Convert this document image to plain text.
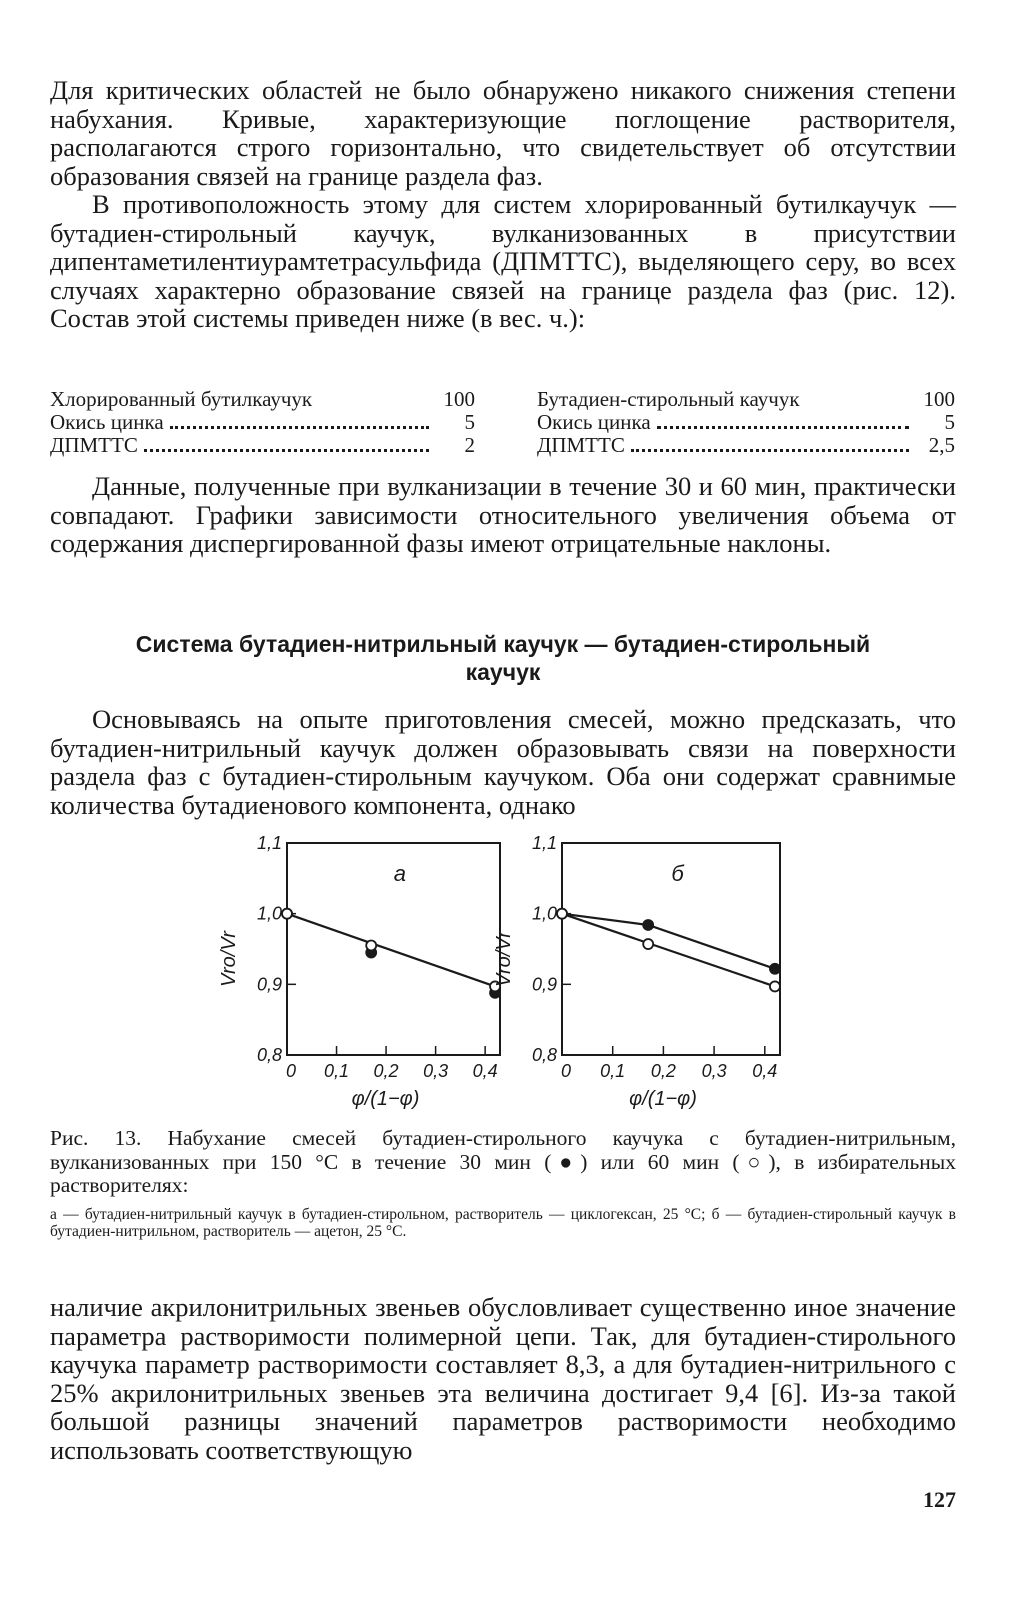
Для критических областей не было обнаружено никакого снижения степени набухания. Кривые, характеризующие поглощение растворителя, располагаются строго горизонтально, что свидетельствует об отсутствии образования связей на границе раздела фаз.

В противоположность этому для систем хлорированный бутилкаучук — бутадиен-стирольный каучук, вулканизованных в присутствии дипентаметилентиурамтетрасульфида (ДПМТТС), выделяющего серу, во всех случаях характерно образование связей на границе раздела фаз (рис. 12). Состав этой системы приведен ниже (в вес. ч.):

Хлорированный бутилкаучук	100
Окись цинка	5
ДПМТТС	2
Бутадиен-стирольный каучук	100
Окись цинка	5
ДПМТТС	2,5

Данные, полученные при вулканизации в течение 30 и 60 мин, практически совпадают. Графики зависимости относительного увеличения объема от содержания диспергированной фазы имеют отрицательные наклоны.

Система бутадиен-нитрильный каучук — бутадиен-стирольный
каучук

Основываясь на опыте приготовления смесей, можно предсказать, что бутадиен-нитрильный каучук должен образовывать связи на поверхности раздела фаз с бутадиен-стирольным каучуком. Оба они содержат сравнимые количества бутадиенового компонента, однако

0,8
0,9
1,0
1,1
0 0,1 0,2 0,3 0,4
а
φ/(1−φ)
Vro/Vr
0,8
0,9
1,0
1,1
0 0,1 0,2 0,3 0,4
б
φ/(1−φ)
Vro/Vr
Рис. 13. Набухание смесей бутадиен-стирольного каучука с бутадиен-нитрильным, вулканизованных при 150 °С в течение 30 мин (●) или 60 мин (○), в избирательных растворителях:
а — бутадиен-нитрильный каучук в бутадиен-стирольном, растворитель — циклогексан, 25 °С; б — бутадиен-стирольный каучук в бутадиен-нитрильном, растворитель — ацетон, 25 °С.

наличие акрилонитрильных звеньев обусловливает существенно иное значение параметра растворимости полимерной цепи. Так, для бутадиен-стирольного каучука параметр растворимости составляет 8,3, а для бутадиен-нитрильного с 25% акрилонитрильных звеньев эта величина достигает 9,4 [6]. Из-за такой большой разницы значений параметров растворимости необходимо использовать соответствующую

127
